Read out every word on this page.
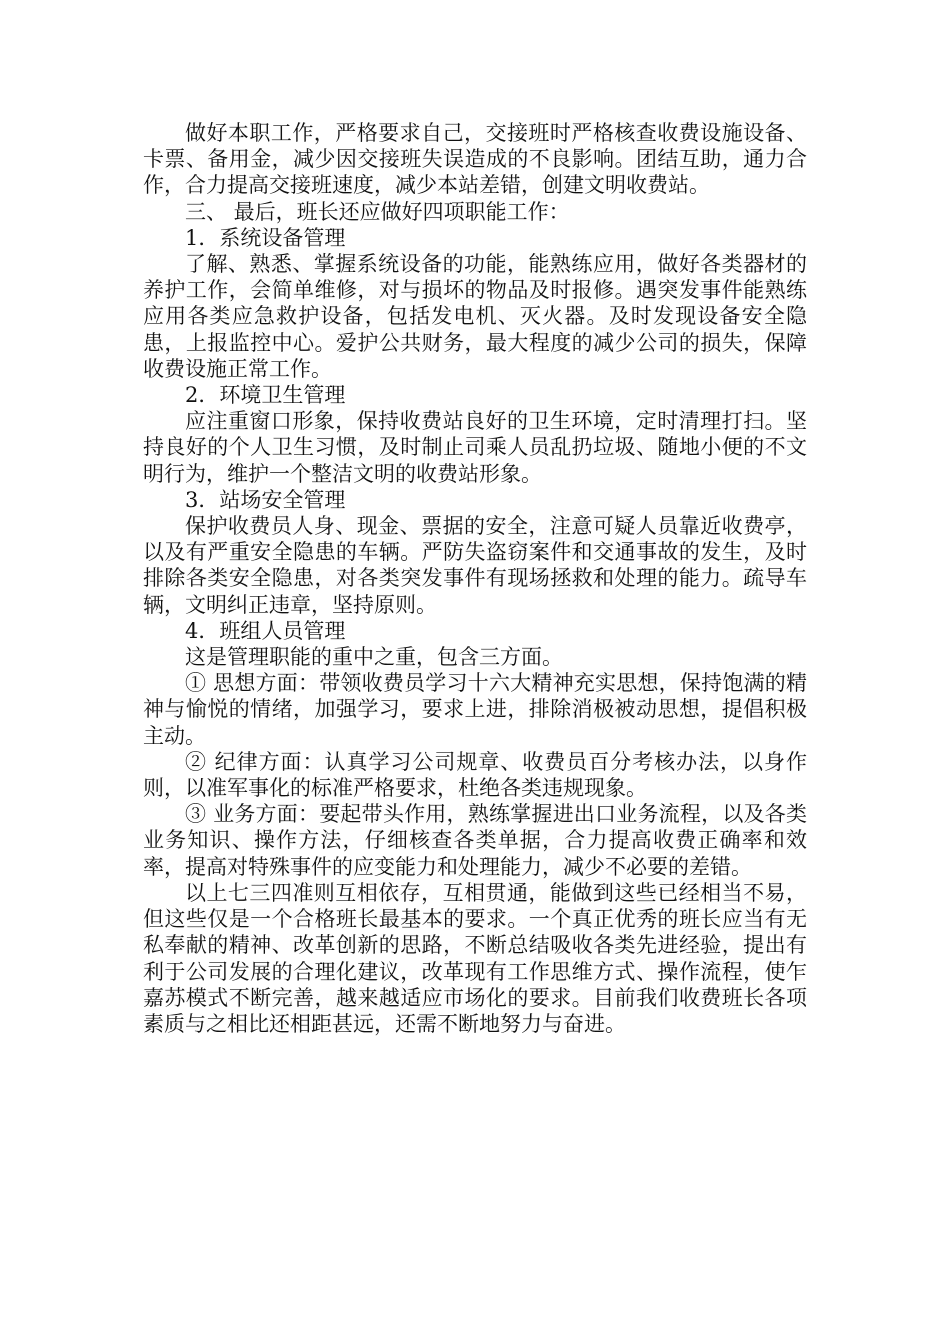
做好本职工作，严格要求自己，交接班时严格核查收费设施设备、卡票、备用金，减少因交接班失误造成的不良影响。团结互助，通力合作，合力提高交接班速度，减少本站差错，创建文明收费站。

三、 最后，班长还应做好四项职能工作：

1．系统设备管理

了解、熟悉、掌握系统设备的功能，能熟练应用，做好各类器材的养护工作，会简单维修，对与损坏的物品及时报修。遇突发事件能熟练应用各类应急救护设备，包括发电机、灭火器。及时发现设备安全隐患，上报监控中心。爱护公共财务，最大程度的减少公司的损失，保障收费设施正常工作。

2．环境卫生管理

应注重窗口形象，保持收费站良好的卫生环境，定时清理打扫。坚持良好的个人卫生习惯，及时制止司乘人员乱扔垃圾、随地小便的不文明行为，维护一个整洁文明的收费站形象。

3．站场安全管理

保护收费员人身、现金、票据的安全，注意可疑人员靠近收费亭，以及有严重安全隐患的车辆。严防失盗窃案件和交通事故的发生，及时排除各类安全隐患，对各类突发事件有现场拯救和处理的能力。疏导车辆，文明纠正违章，坚持原则。

4．班组人员管理

这是管理职能的重中之重，包含三方面。

① 思想方面：带领收费员学习十六大精神充实思想，保持饱满的精神与愉悦的情绪，加强学习，要求上进，排除消极被动思想，提倡积极主动。

② 纪律方面：认真学习公司规章、收费员百分考核办法，以身作则，以准军事化的标准严格要求，杜绝各类违规现象。

③ 业务方面：要起带头作用，熟练掌握进出口业务流程，以及各类业务知识、操作方法，仔细核查各类单据，合力提高收费正确率和效率，提高对特殊事件的应变能力和处理能力，减少不必要的差错。

以上七三四准则互相依存，互相贯通，能做到这些已经相当不易，但这些仅是一个合格班长最基本的要求。一个真正优秀的班长应当有无私奉献的精神、改革创新的思路，不断总结吸收各类先进经验，提出有利于公司发展的合理化建议，改革现有工作思维方式、操作流程，使乍嘉苏模式不断完善，越来越适应市场化的要求。目前我们收费班长各项素质与之相比还相距甚远，还需不断地努力与奋进。
